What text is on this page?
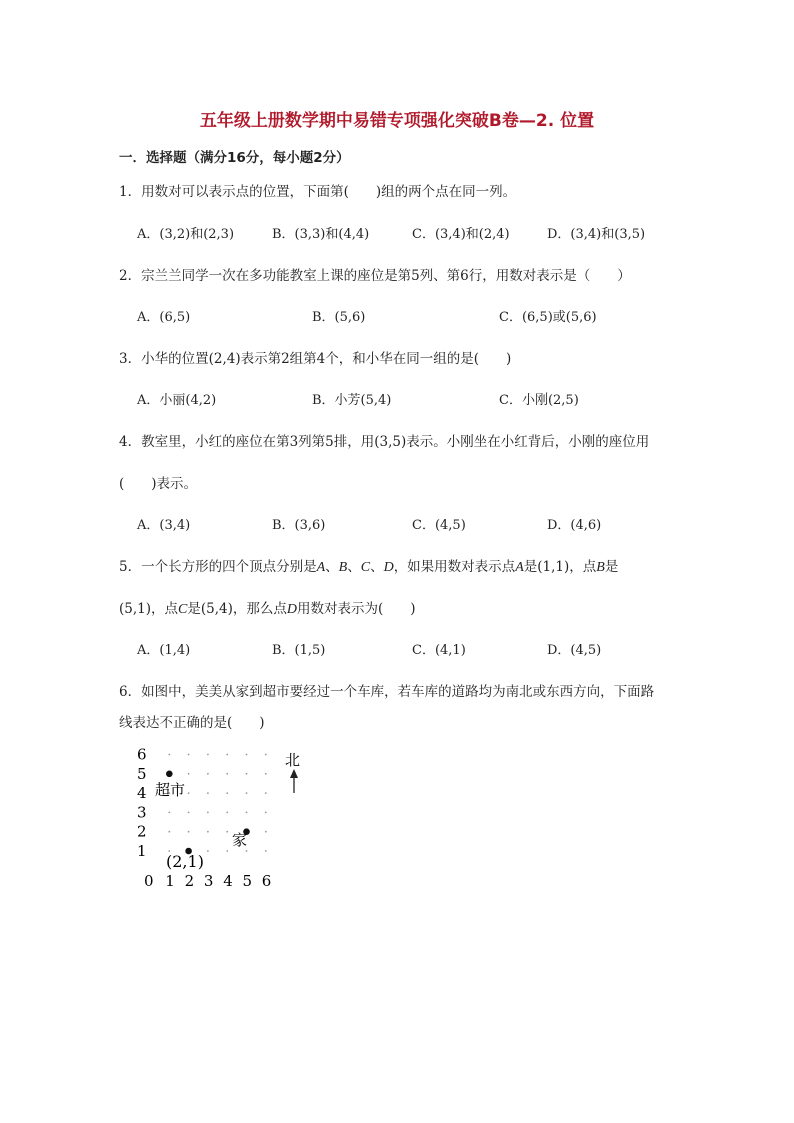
五年级上册数学期中易错专项强化突破B卷—2. 位置
一．选择题（满分16分，每小题2分）
1．用数对可以表示点的位置，下面第(　　)组的两个点在同一列。
A．(3,2)和(2,3)	B．(3,3)和(4,4)	C．(3,4)和(2,4)	D．(3,4)和(3,5)
2．宗兰兰同学一次在多功能教室上课的座位是第5列、第6行，用数对表示是（　　）
A．(6,5)	B．(5,6)	C．(6,5)或(5,6)
3．小华的位置(2,4)表示第2组第4个，和小华在同一组的是(　　)
A．小丽(4,2)	B．小芳(5,4)	C．小刚(2,5)
4．教室里，小红的座位在第3列第5排，用(3,5)表示。小刚坐在小红背后，小刚的座位用
(　　)表示。
A．(3,4)	B．(3,6)	C．(4,5)	D．(4,6)
5．一个长方形的四个顶点分别是A、B、C、D，如果用数对表示点A是(1,1)，点B是
(5,1)，点C是(5,4)，那么点D用数对表示为(　　)
A．(1,4)	B．(1,5)	C．(4,1)	D．(4,5)
6．如图中，美美从家到超市要经过一个车库，若车库的道路均为南北或东西方向，下面路
线表达不正确的是(　　)
1
2
3
4
5
6
0 1 2 3 4 5 6
超市
家
(2,1)
北
